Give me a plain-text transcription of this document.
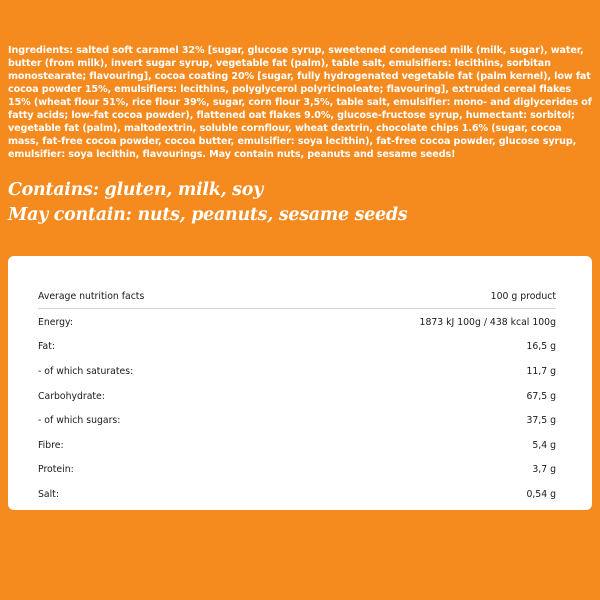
Ingredients: salted soft caramel 32% [sugar, glucose syrup, sweetened condensed milk (milk, sugar), water, butter (from milk), invert sugar syrup, vegetable fat (palm), table salt, emulsifiers: lecithins, sorbitan monostearate; flavouring], cocoa coating 20% [sugar, fully hydrogenated vegetable fat (palm kernel), low fat cocoa powder 15%, emulsifiers: lecithins, polyglycerol polyricinoleate; flavouring], extruded cereal flakes 15% (wheat flour 51%, rice flour 39%, sugar, corn flour 3,5%, table salt, emulsifier: mono- and diglycerides of fatty acids; low-fat cocoa powder), flattened oat flakes 9.0%, glucose-fructose syrup, humectant: sorbitol; vegetable fat (palm), maltodextrin, soluble cornflour, wheat dextrin, chocolate chips 1.6% (sugar, cocoa mass, fat-free cocoa powder, cocoa butter, emulsifier: soya lecithin), fat-free cocoa powder, glucose syrup, emulsifier: soya lecithin, flavourings. May contain nuts, peanuts and sesame seeds!

Contains: gluten, milk, soy
May contain: nuts, peanuts, sesame seeds
Average nutrition facts	100 g product
Energy:	1873 kJ 100g / 438 kcal 100g
Fat:	16,5 g
- of which saturates:	11,7 g
Carbohydrate:	67,5 g
- of which sugars:	37,5 g
Fibre:	5,4 g
Protein:	3,7 g
Salt:	0,54 g
